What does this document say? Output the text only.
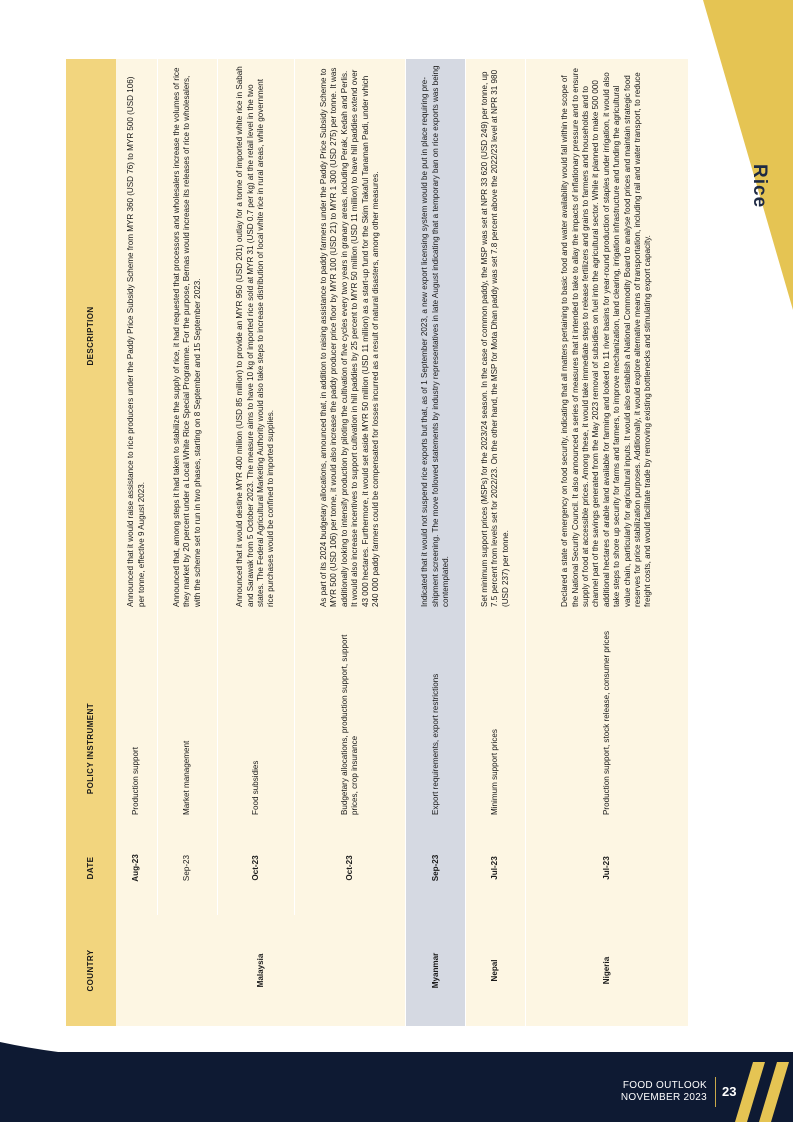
Rice
COUNTRY	DATE	POLICY INSTRUMENT	DESCRIPTION
Malaysia	Aug-23	Production support	Announced that it would raise assistance to rice producers under the Paddy Price Subsidy Scheme from MYR 360 (USD 76) to MYR 500 (USD 106) per tonne, effective 9 August 2023.
	Sep-23	Market management	Announced that, among steps it had taken to stabilize the supply of rice, it had requested that processors and wholesalers increase the volumes of rice they market by 20 percent under a Local White Rice Special Programme. For the purpose, Bernas would increase its releases of rice to wholesalers, with the scheme set to run in two phases, starting on 8 September and 15 September 2023.
	Oct-23	Food subsidies	Announced that it would destine MYR 400 million (USD 85 million) to provide an MYR 950 (USD 201) outlay for a tonne of imported white rice in Sabah and Sarawak from 5 October 2023. The measure aims to have 10 kg of imported rice sold at MYR 31 (USD 0.7 per kg) at the retail level in the two states. The Federal Agricultural Marketing Authority would also take steps to increase distribution of local white rice in rural areas, while government rice purchases would be confined to imported supplies.
	Oct-23	Budgetary allocations, production support, support prices, crop insurance	As part of its 2024 budgetary allocations, announced that, in addition to raising assistance to paddy farmers under the Paddy Price Subsidy Scheme to MYR 500 (USD 106) per tonne, it would also increase the paddy producer price floor by MYR 100 (USD 21) to MYR 1 300 (USD 275) per tonne. It was additionally looking to intensify production by piloting the cultivation of five cycles every two years in granary areas, including Perak, Kedah and Perlis. It would also increase incentives to support cultivation in hill paddies by 25 percent to MYR 50 million (USD 11 million) to have hill paddies extend over 43 000 hectares. Furthermore, it would set aside MYR 50 million (USD 11 million) as a start-up fund for the Skim Takaful Tanaman Padi, under which 240 000 paddy farmers could be compensated for losses incurred as a result of natural disasters, among other measures.
Myanmar	Sep-23	Export requirements, export restrictions	Indicated that it would not suspend rice exports but that, as of 1 September 2023, a new export licensing system would be put in place requiring pre-shipment screening. The move followed statements by industry representatives in late August indicating that a temporary ban on rice exports was being contemplated.
Nepal	Jul-23	Minimum support prices	Set minimum support prices (MSPs) for the 2023/24 season. In the case of common paddy, the MSP was set at NPR 33 620 (USD 249) per tonne, up 7.5 percent from levels set for 2022/23. On the other hand, the MSP for Mota Dhan paddy was set 7.8 percent above the 2022/23 level at NPR 31 980 (USD 237) per tonne.
Nigeria	Jul-23	Production support, stock release, consumer prices	Declared a state of emergency on food security, indicating that all matters pertaining to basic food and water availability would fall within the scope of the National Security Council. It also announced a series of measures that it intended to take to allay the impacts of inflationary pressure and to ensure supply of food at accessible prices. Among these, it would take immediate steps to release fertilizers and grains to farmers and households and to channel part of the savings generated from the May 2023 removal of subsidies on fuel into the agricultural sector. While it planned to make 500 000 additional hectares of arable land available for farming and looked to 11 river basins for year-round production of staples under irrigation, it would also take steps to shore up security for farms and farmers, to improve mechanization, land clearing, irrigation infrastructure and funding the agricultural value chain, particularly for agricultural inputs. It would also establish a National Commodity Board to analyse food prices and maintain strategic food reserves for price stabilization purposes. Additionally, it would explore alternative means of transportation, including rail and water transport, to reduce freight costs, and would facilitate trade by removing existing bottlenecks and stimulating export capacity.
FOOD OUTLOOK
NOVEMBER 2023 23
